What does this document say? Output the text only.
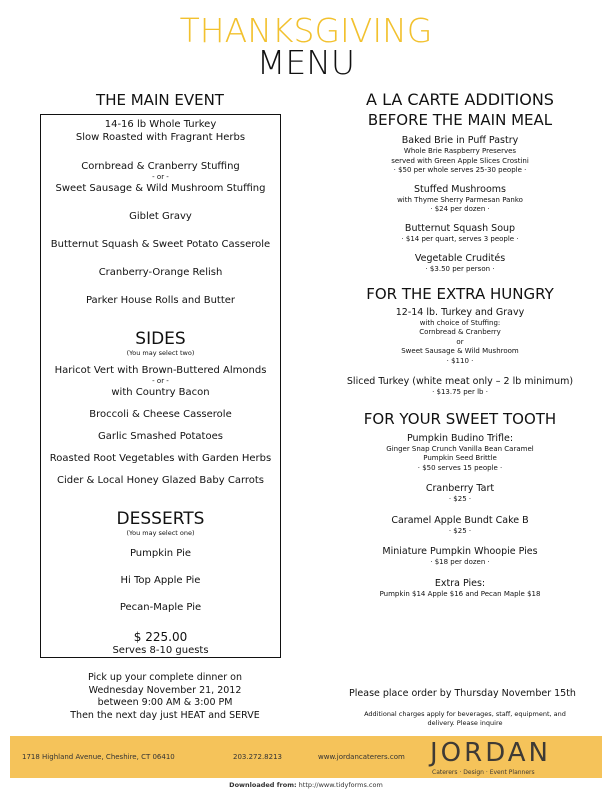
THANKSGIVING
MENU
THE MAIN EVENT
14-16 lb Whole Turkey
Slow Roasted with Fragrant Herbs
Cornbread & Cranberry Stuffing
- or -
Sweet Sausage & Wild Mushroom Stuffing
Giblet Gravy
Butternut Squash & Sweet Potato Casserole
Cranberry-Orange Relish
Parker House Rolls and Butter
SIDES
(You may select two)
Haricot Vert with Brown-Buttered Almonds
- or -
with Country Bacon
Broccoli & Cheese Casserole
Garlic Smashed Potatoes
Roasted Root Vegetables with Garden Herbs
Cider & Local Honey Glazed Baby Carrots
DESSERTS
(You may select one)
Pumpkin Pie
Hi Top Apple Pie
Pecan-Maple Pie
$ 225.00
Serves 8-10 guests
Pick up your complete dinner on
Wednesday November 21, 2012
between 9:00 AM & 3:00 PM
Then the next day just HEAT and SERVE
A LA CARTE ADDITIONS
BEFORE THE MAIN MEAL
Baked Brie in Puff Pastry
Whole Brie Raspberry Preserves
served with Green Apple Slices Crostini
· $50 per whole serves 25-30 people ·
Stuffed Mushrooms
with Thyme Sherry Parmesan Panko
· $24 per dozen ·
Butternut Squash Soup
· $14 per quart, serves 3 people ·
Vegetable Crudités
· $3.50 per person ·
FOR THE EXTRA HUNGRY
12-14 lb. Turkey and Gravy
with choice of Stuffing:
Cornbread & Cranberry
or
Sweet Sausage & Wild Mushroom
· $110 ·
Sliced Turkey (white meat only – 2 lb minimum)
· $13.75 per lb ·
FOR YOUR SWEET TOOTH
Pumpkin Budino Trifle:
Ginger Snap Crunch Vanilla Bean Caramel
Pumpkin Seed Brittle
· $50 serves 15 people ·
Cranberry Tart
· $25 ·
Caramel Apple Bundt Cake B
· $25 ·
Miniature Pumpkin Whoopie Pies
· $18 per dozen ·
Extra Pies:
Pumpkin $14 Apple $16 and Pecan Maple $18
Please place order by Thursday November 15th
Additional charges apply for beverages, staff, equipment, and
delivery. Please inquire
1718 Highland Avenue, Cheshire, CT 06410	203.272.8213	www.jordancaterers.com JORDAN
Caterers · Design · Event Planners
Downloaded from: http://www.tidyforms.com
